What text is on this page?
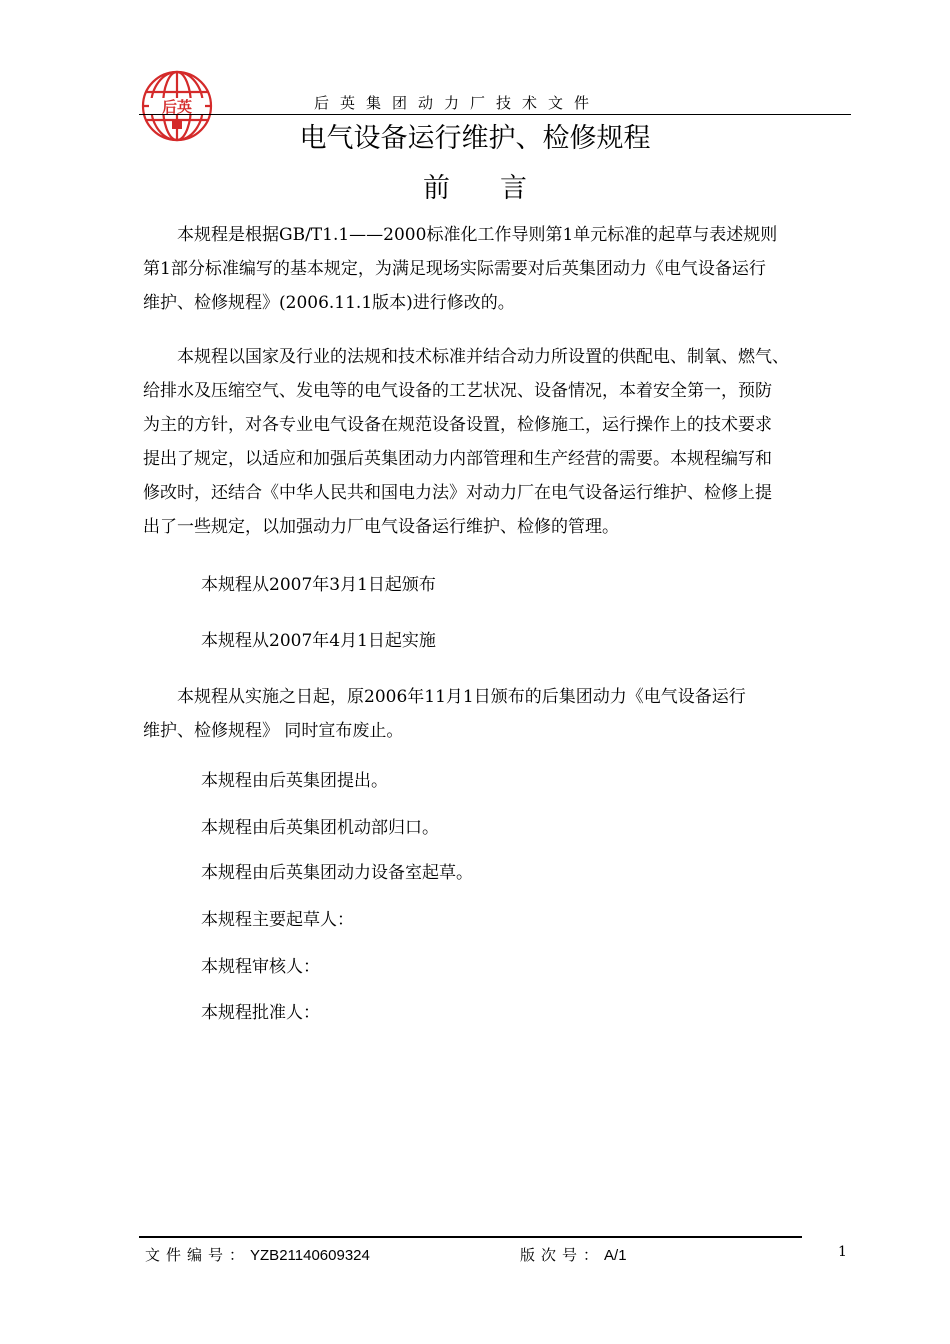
后英	后英集团动力厂技术文件
电气设备运行维护、检修规程
前言
本规程是根据GB/T1.1——2000标准化工作导则第1单元标准的起草与表述规则
第1部分标准编写的基本规定，为满足现场实际需要对后英集团动力《电气设备运行
维护、检修规程》(2006.11.1版本)进行修改的。
本规程以国家及行业的法规和技术标准并结合动力所设置的供配电、制氧、燃气、
给排水及压缩空气、发电等的电气设备的工艺状况、设备情况，本着安全第一，预防
为主的方针，对各专业电气设备在规范设备设置，检修施工，运行操作上的技术要求
提出了规定，以适应和加强后英集团动力内部管理和生产经营的需要。本规程编写和
修改时，还结合《中华人民共和国电力法》对动力厂在电气设备运行维护、检修上提
出了一些规定，以加强动力厂电气设备运行维护、检修的管理。

本规程从2007年3月1日起颁布

本规程从2007年4月1日起实施

本规程从实施之日起，原2006年11月1日颁布的后集团动力《电气设备运行
维护、检修规程》 同时宣布废止。

本规程由后英集团提出。

本规程由后英集团机动部归口。

本规程由后英集团动力设备室起草。

本规程主要起草人：

本规程审核人：

本规程批准人：

文件编号：YZB21140609324	版次号：A/1	1
